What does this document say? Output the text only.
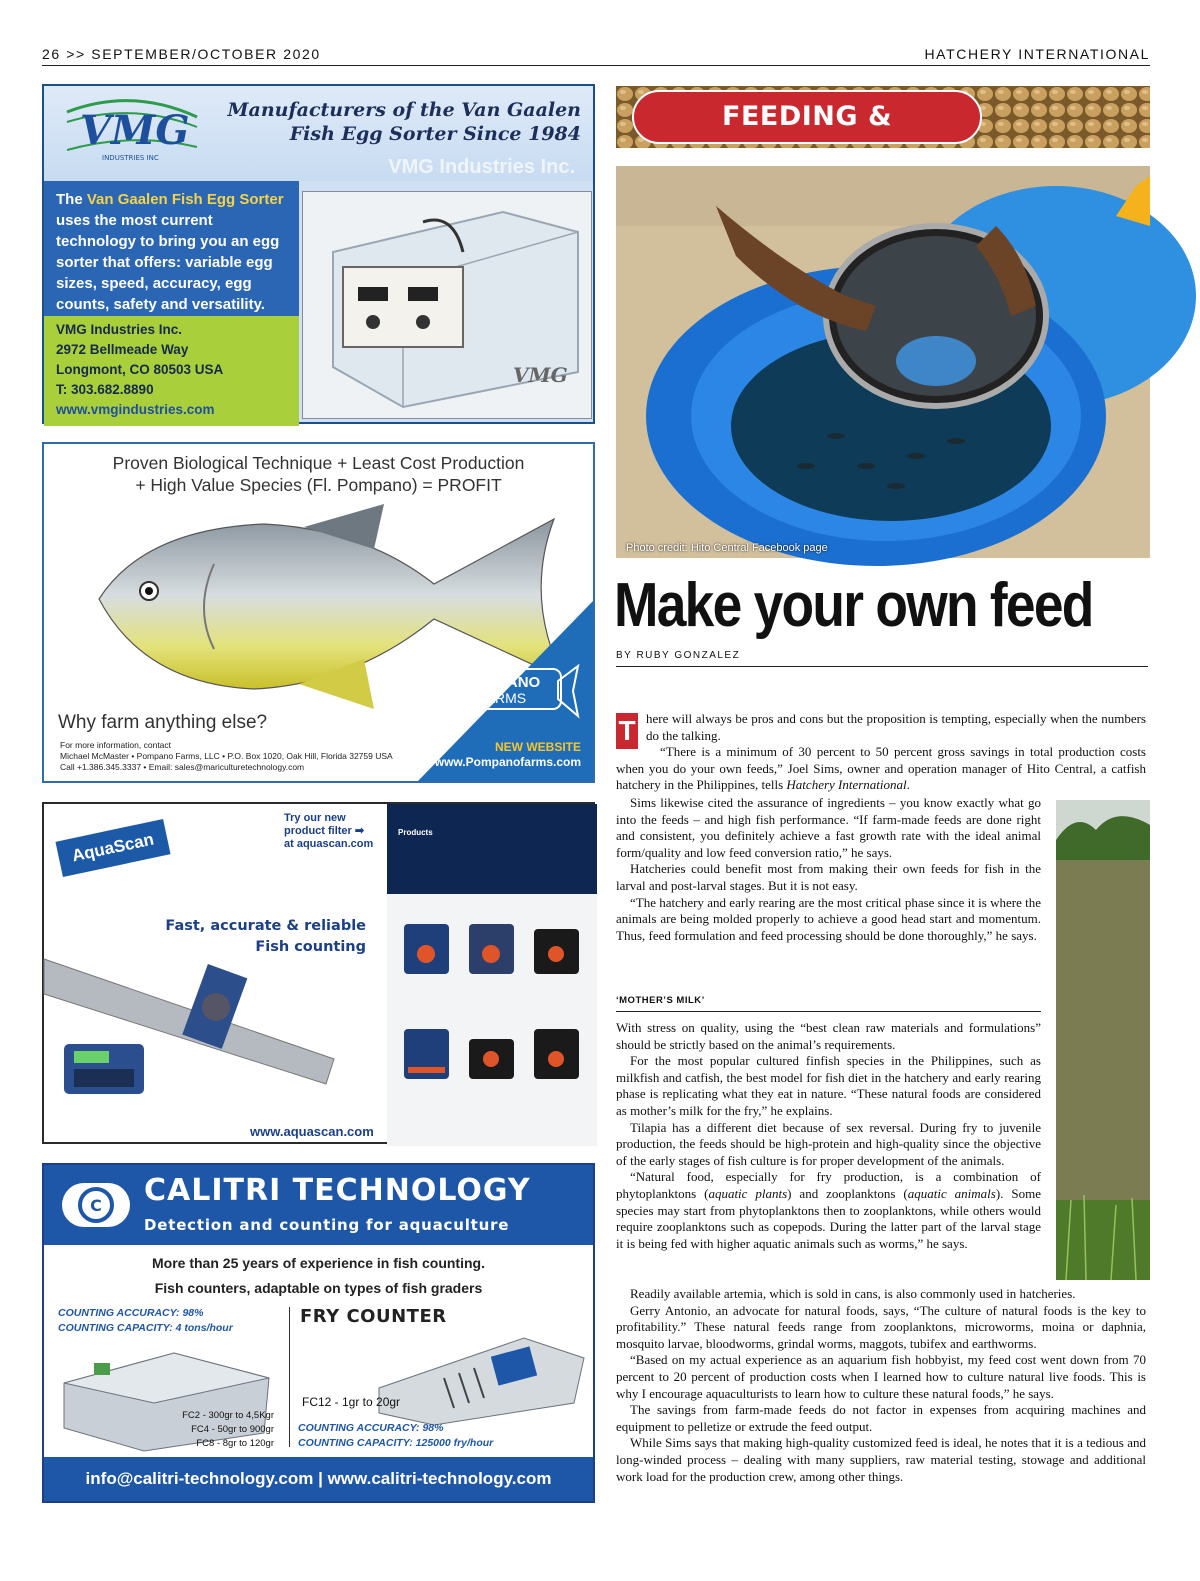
26 >> SEPTEMBER/OCTOBER 2020	HATCHERY INTERNATIONAL
VMG
INDUSTRIES INC
Manufacturers of the Van Gaalen Fish Egg Sorter Since 1984
VMG Industries Inc.

The Van Gaalen Fish Egg Sorter uses the most current technology to bring you an egg sorter that offers: variable egg sizes, speed, accuracy, egg counts, safety and versatility.

VMG Industries Inc.
2972 Bellmeade Way
Longmont, CO 80503 USA
T: 303.682.8890
www.vmgindustries.com

VMG
Proven Biological Technique + Least Cost Production
+ High Value Species (Fl. Pompano) = PROFIT
Why farm anything else?
For more information, contact
Michael McMaster • Pompano Farms, LLC • P.O. Box 1020, Oak Hill, Florida 32759 USA
Call +1.386.345.3337 • Email: sales@mariculturetechnology.com
POMPANO
FARMS
NEW WEBSITE
www.Pompanofarms.com
Products
AquaScan
Try our new
product filter ➡
at aquascan.com
Fast, accurate & reliable
Fish counting
www.aquascan.com
C CALITRI TECHNOLOGY
Detection and counting for aquaculture
More than 25 years of experience in fish counting.
Fish counters, adaptable on types of fish graders
COUNTING ACCURACY: 98%
COUNTING CAPACITY: 4 tons/hour
FRY COUNTER
FC2 - 300gr to 4,5Kgr
FC4 - 50gr to 900gr
FC8 - 8gr to 120gr
FC12 - 1gr to 20gr
COUNTING ACCURACY: 98%
COUNTING CAPACITY: 125000 fry/hour
info@calitri-technology.com | www.calitri-technology.com
FEEDING &
Photo credit: Hito Central Facebook page
Make your own feed
BY RUBY GONZALEZ
T here will always be pros and cons but the proposition is tempting, especially when the numbers do the talking.

“There is a minimum of 30 percent to 50 percent gross savings in total production costs when you do your own feeds,” Joel Sims, owner and operation manager of Hito Central, a catfish hatchery in the Philippines, tells Hatchery International.

Sims likewise cited the assurance of ingredients – you know exactly what go into the feeds – and high fish performance. “If farm-made feeds are done right and consistent, you definitely achieve a fast growth rate with the ideal animal form/quality and low feed conversion ratio,” he says.

Hatcheries could benefit most from making their own feeds for fish in the larval and post-larval stages. But it is not easy.

“The hatchery and early rearing are the most critical phase since it is where the animals are being molded properly to achieve a good head start and momentum. Thus, feed formulation and feed processing should be done thoroughly,” he says.

‘MOTHER’S MILK’

With stress on quality, using the “best clean raw materials and formulations” should be strictly based on the animal’s requirements.

For the most popular cultured finfish species in the Philippines, such as milkfish and catfish, the best model for fish diet in the hatchery and early rearing phase is replicating what they eat in nature. “These natural foods are considered as mother’s milk for the fry,” he explains.

Tilapia has a different diet because of sex reversal. During fry to juvenile production, the feeds should be high-protein and high-quality since the objective of the early stages of fish culture is for proper development of the animals.

“Natural food, especially for fry production, is a combination of phytoplanktons (aquatic plants) and zooplanktons (aquatic animals). Some species may start from phytoplanktons then to zooplanktons, while others would require zooplanktons such as copepods. During the latter part of the larval stage it is being fed with higher aquatic animals such as worms,” he says.

Readily available artemia, which is sold in cans, is also commonly used in hatcheries.

Gerry Antonio, an advocate for natural foods, says, “The culture of natural foods is the key to profitability.” These natural feeds range from zooplanktons, microworms, moina or daphnia, mosquito larvae, bloodworms, grindal worms, maggots, tubifex and earthworms.

“Based on my actual experience as an aquarium fish hobbyist, my feed cost went down from 70 percent to 20 percent of production costs when I learned how to culture natural live foods. This is why I encourage aquaculturists to learn how to culture these natural foods,” he says.

The savings from farm-made feeds do not factor in expenses from acquiring machines and equipment to pelletize or extrude the feed output.

While Sims says that making high-quality customized feed is ideal, he notes that it is a tedious and long-winded process – dealing with many suppliers, raw material testing, stowage and additional work load for the production crew, among other things.
